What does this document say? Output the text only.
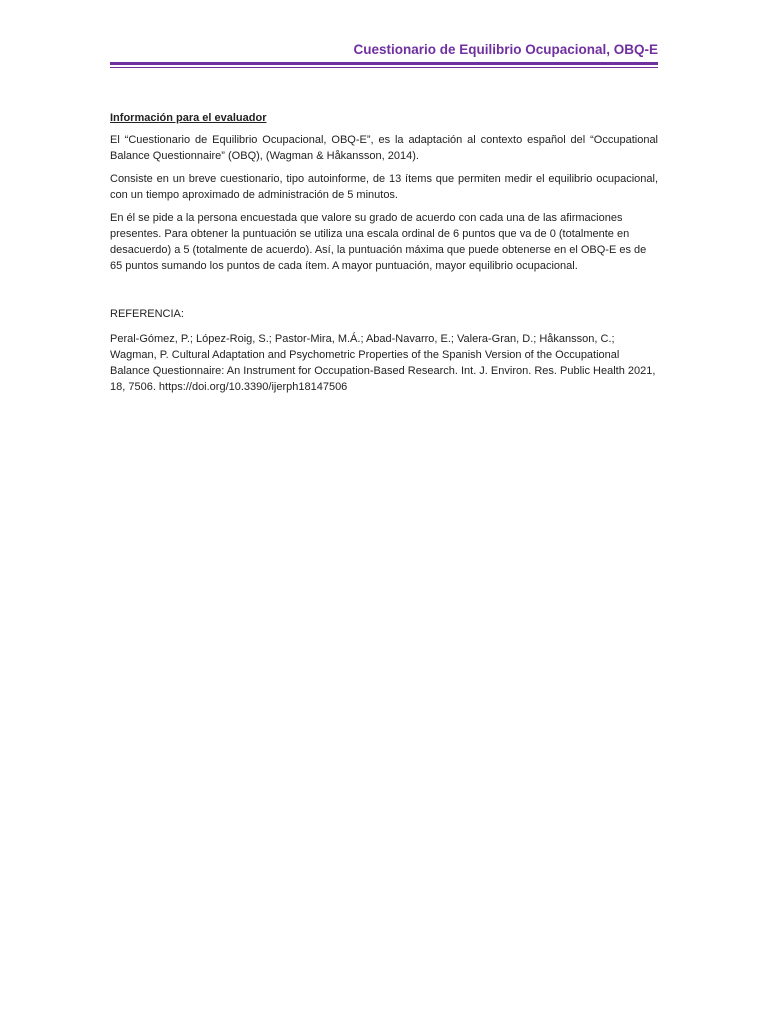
Cuestionario de Equilibrio Ocupacional, OBQ-E

Información para el evaluador

El “Cuestionario de Equilibrio Ocupacional, OBQ-E”, es la adaptación al contexto español del “Occupational Balance Questionnaire” (OBQ), (Wagman & Håkansson, 2014).

Consiste en un breve cuestionario, tipo autoinforme, de 13 ítems que permiten medir el equilibrio ocupacional, con un tiempo aproximado de administración de 5 minutos.

En él se pide a la persona encuestada que valore su grado de acuerdo con cada una de las afirmaciones presentes. Para obtener la puntuación se utiliza una escala ordinal de 6 puntos que va de 0 (totalmente en desacuerdo) a 5 (totalmente de acuerdo). Así, la puntuación máxima que puede obtenerse en el OBQ-E es de 65 puntos sumando los puntos de cada ítem. A mayor puntuación, mayor equilibrio ocupacional.

REFERENCIA:

Peral-Gómez, P.; López-Roig, S.; Pastor-Mira, M.Á.; Abad-Navarro, E.; Valera-Gran, D.; Håkansson, C.; Wagman, P. Cultural Adaptation and Psychometric Properties of the Spanish Version of the Occupational Balance Questionnaire: An Instrument for Occupation-Based Research. Int. J. Environ. Res. Public Health 2021, 18, 7506. https://doi.org/10.3390/ijerph18147506
